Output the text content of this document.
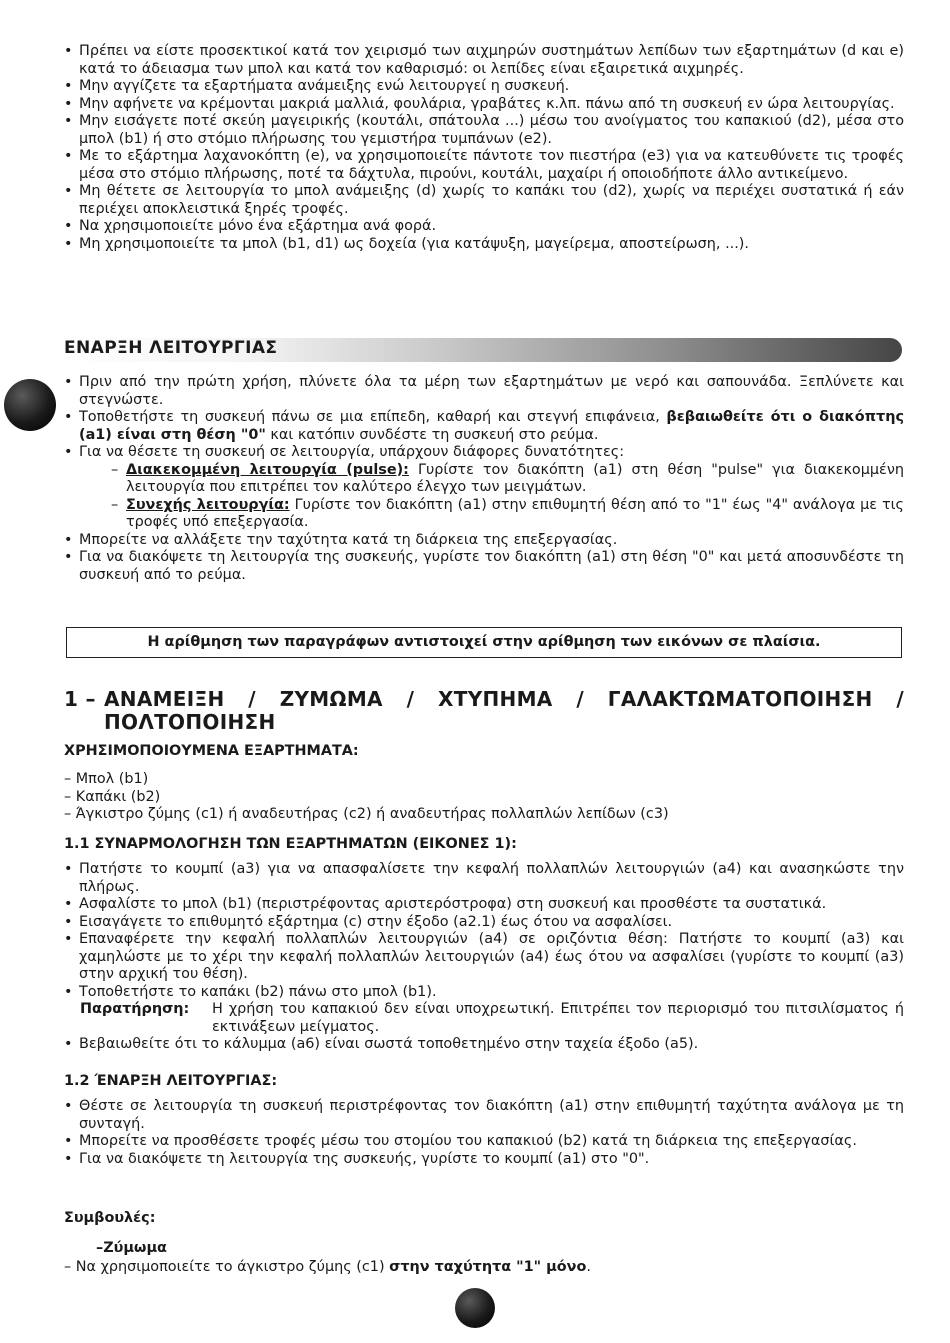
• Πρέπει να είστε προσεκτικοί κατά τον χειρισμό των αιχμηρών συστημάτων λεπίδων των εξαρτημάτων (d και e) κατά το άδειασμα των μπολ και κατά τον καθαρισμό: οι λεπίδες είναι εξαιρετικά αιχμηρές.
• Μην αγγίζετε τα εξαρτήματα ανάμειξης ενώ λειτουργεί η συσκευή.
• Μην αφήνετε να κρέμονται μακριά μαλλιά, φουλάρια, γραβάτες κ.λπ. πάνω από τη συσκευή εν ώρα λειτουργίας.
• Μην εισάγετε ποτέ σκεύη μαγειρικής (κουτάλι, σπάτουλα ...) μέσω του ανοίγματος του καπακιού (d2), μέσα στο μπολ (b1) ή στο στόμιο πλήρωσης του γεμιστήρα τυμπάνων (e2).
• Με το εξάρτημα λαχανοκόπτη (e), να χρησιμοποιείτε πάντοτε τον πιεστήρα (e3) για να κατευθύνετε τις τροφές μέσα στο στόμιο πλήρωσης, ποτέ τα δάχτυλα, πιρούνι, κουτάλι, μαχαίρι ή οποιοδήποτε άλλο αντικείμενο.
• Μη θέτετε σε λειτουργία το μπολ ανάμειξης (d) χωρίς το καπάκι του (d2), χωρίς να περιέχει συστατικά ή εάν περιέχει αποκλειστικά ξηρές τροφές.
• Να χρησιμοποιείτε μόνο ένα εξάρτημα ανά φορά.
• Μη χρησιμοποιείτε τα μπολ (b1, d1) ως δοχεία (για κατάψυξη, μαγείρεμα, αποστείρωση, ...).
ΕΝΑΡΞΗ ΛΕΙΤΟΥΡΓΙΑΣ
• Πριν από την πρώτη χρήση, πλύνετε όλα τα μέρη των εξαρτημάτων με νερό και σαπουνάδα. Ξεπλύνετε και στεγνώστε.
• Τοποθετήστε τη συσκευή πάνω σε μια επίπεδη, καθαρή και στεγνή επιφάνεια, βεβαιωθείτε ότι ο διακόπτης (a1) είναι στη θέση "0" και κατόπιν συνδέστε τη συσκευή στο ρεύμα.
• Για να θέσετε τη συσκευή σε λειτουργία, υπάρχουν διάφορες δυνατότητες:
– Διακεκομμένη λειτουργία (pulse): Γυρίστε τον διακόπτη (a1) στη θέση "pulse" για διακεκομμένη λειτουργία που επιτρέπει τον καλύτερο έλεγχο των μειγμάτων.
– Συνεχής λειτουργία: Γυρίστε τον διακόπτη (a1) στην επιθυμητή θέση από το "1" έως "4" ανάλογα με τις τροφές υπό επεξεργασία.
• Μπορείτε να αλλάξετε την ταχύτητα κατά τη διάρκεια της επεξεργασίας.
• Για να διακόψετε τη λειτουργία της συσκευής, γυρίστε τον διακόπτη (a1) στη θέση "0" και μετά αποσυνδέστε τη συσκευή από το ρεύμα.
Η αρίθμηση των παραγράφων αντιστοιχεί στην αρίθμηση των εικόνων σε πλαίσια.
1 – ΑΝΑΜΕΙΞΗ / ΖΥΜΩΜΑ / ΧΤΥΠΗΜΑ / ΓΑΛΑΚΤΩΜΑΤΟΠΟΙΗΣΗ /
ΠΟΛΤΟΠΟΙΗΣΗ
ΧΡΗΣΙΜΟΠΟΙΟΥΜΕΝΑ ΕΞΑΡΤΗΜΑΤΑ:
– Μπολ (b1)
– Καπάκι (b2)
– Άγκιστρο ζύμης (c1) ή αναδευτήρας (c2) ή αναδευτήρας πολλαπλών λεπίδων (c3)
1.1 ΣΥΝΑΡΜΟΛΟΓΗΣΗ ΤΩΝ ΕΞΑΡΤΗΜΑΤΩΝ (ΕΙΚΟΝΕΣ 1):
• Πατήστε το κουμπί (a3) για να απασφαλίσετε την κεφαλή πολλαπλών λειτουργιών (a4) και ανασηκώστε την πλήρως.
• Ασφαλίστε το μπολ (b1) (περιστρέφοντας αριστερόστροφα) στη συσκευή και προσθέστε τα συστατικά.
• Εισαγάγετε το επιθυμητό εξάρτημα (c) στην έξοδο (a2.1) έως ότου να ασφαλίσει.
• Επαναφέρετε την κεφαλή πολλαπλών λειτουργιών (a4) σε οριζόντια θέση: Πατήστε το κουμπί (a3) και χαμηλώστε με το χέρι την κεφαλή πολλαπλών λειτουργιών (a4) έως ότου να ασφαλίσει (γυρίστε το κουμπί (a3) στην αρχική του θέση).
• Τοποθετήστε το καπάκι (b2) πάνω στο μπολ (b1).
Παρατήρηση: Η χρήση του καπακιού δεν είναι υποχρεωτική. Επιτρέπει τον περιορισμό του πιτσιλίσματος ή εκτινάξεων μείγματος.
• Βεβαιωθείτε ότι το κάλυμμα (a6) είναι σωστά τοποθετημένο στην ταχεία έξοδο (a5).
1.2 ΈΝΑΡΞΗ ΛΕΙΤΟΥΡΓΙΑΣ:
• Θέστε σε λειτουργία τη συσκευή περιστρέφοντας τον διακόπτη (a1) στην επιθυμητή ταχύτητα ανάλογα με τη συνταγή.
• Μπορείτε να προσθέσετε τροφές μέσω του στομίου του καπακιού (b2) κατά τη διάρκεια της επεξεργασίας.
• Για να διακόψετε τη λειτουργία της συσκευής, γυρίστε το κουμπί (a1) στο "0".
Συμβουλές:
–Ζύμωμα
– Να χρησιμοποιείτε το άγκιστρο ζύμης (c1) στην ταχύτητα "1" μόνο.
